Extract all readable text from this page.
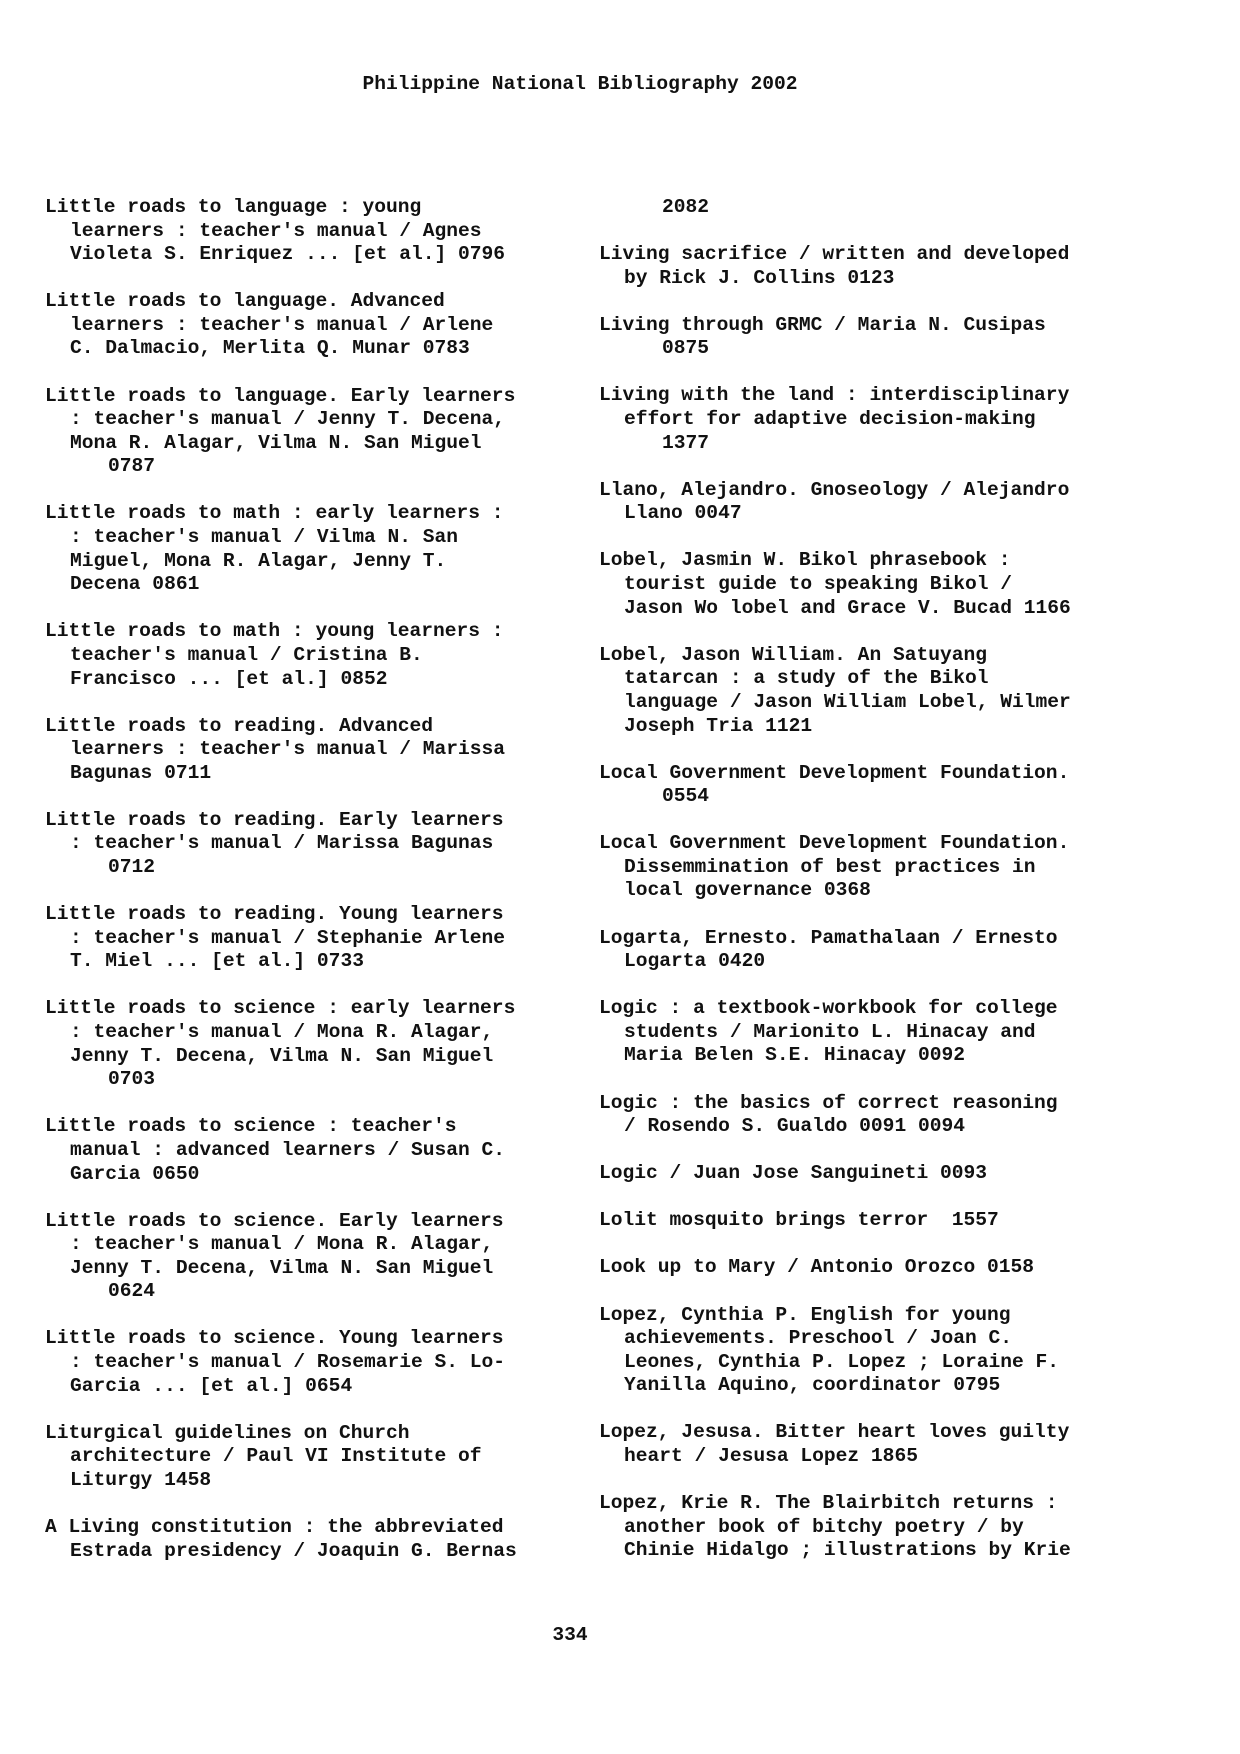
Philippine National Bibliography 2002
Little roads to language : young
learners : teacher's manual / Agnes
Violeta S. Enriquez ... [et al.] 0796
Little roads to language. Advanced
learners : teacher's manual / Arlene
C. Dalmacio, Merlita Q. Munar 0783
Little roads to language. Early learners
: teacher's manual / Jenny T. Decena,
Mona R. Alagar, Vilma N. San Miguel
0787
Little roads to math : early learners :
: teacher's manual / Vilma N. San
Miguel, Mona R. Alagar, Jenny T.
Decena 0861
Little roads to math : young learners :
teacher's manual / Cristina B.
Francisco ... [et al.] 0852
Little roads to reading. Advanced
learners : teacher's manual / Marissa
Bagunas 0711
Little roads to reading. Early learners
: teacher's manual / Marissa Bagunas
0712
Little roads to reading. Young learners
: teacher's manual / Stephanie Arlene
T. Miel ... [et al.] 0733
Little roads to science : early learners
: teacher's manual / Mona R. Alagar,
Jenny T. Decena, Vilma N. San Miguel
0703
Little roads to science : teacher's
manual : advanced learners / Susan C.
Garcia 0650
Little roads to science. Early learners
: teacher's manual / Mona R. Alagar,
Jenny T. Decena, Vilma N. San Miguel
0624
Little roads to science. Young learners
: teacher's manual / Rosemarie S. Lo-
Garcia ... [et al.] 0654
Liturgical guidelines on Church
architecture / Paul VI Institute of
Liturgy 1458
A Living constitution : the abbreviated
Estrada presidency / Joaquin G. Bernas
2082
Living sacrifice / written and developed
by Rick J. Collins 0123
Living through GRMC / Maria N. Cusipas
0875
Living with the land : interdisciplinary
effort for adaptive decision-making
1377
Llano, Alejandro. Gnoseology / Alejandro
Llano 0047
Lobel, Jasmin W. Bikol phrasebook :
tourist guide to speaking Bikol /
Jason Wo lobel and Grace V. Bucad 1166
Lobel, Jason William. An Satuyang
tatarcan : a study of the Bikol
language / Jason William Lobel, Wilmer
Joseph Tria 1121
Local Government Development Foundation.
0554
Local Government Development Foundation.
Dissemmination of best practices in
local governance 0368
Logarta, Ernesto. Pamathalaan / Ernesto
Logarta 0420
Logic : a textbook-workbook for college
students / Marionito L. Hinacay and
Maria Belen S.E. Hinacay 0092
Logic : the basics of correct reasoning
/ Rosendo S. Gualdo 0091 0094
Logic / Juan Jose Sanguineti 0093
Lolit mosquito brings terror  1557
Look up to Mary / Antonio Orozco 0158
Lopez, Cynthia P. English for young
achievements. Preschool / Joan C.
Leones, Cynthia P. Lopez ; Loraine F.
Yanilla Aquino, coordinator 0795
Lopez, Jesusa. Bitter heart loves guilty
heart / Jesusa Lopez 1865
Lopez, Krie R. The Blairbitch returns :
another book of bitchy poetry / by
Chinie Hidalgo ; illustrations by Krie
334
